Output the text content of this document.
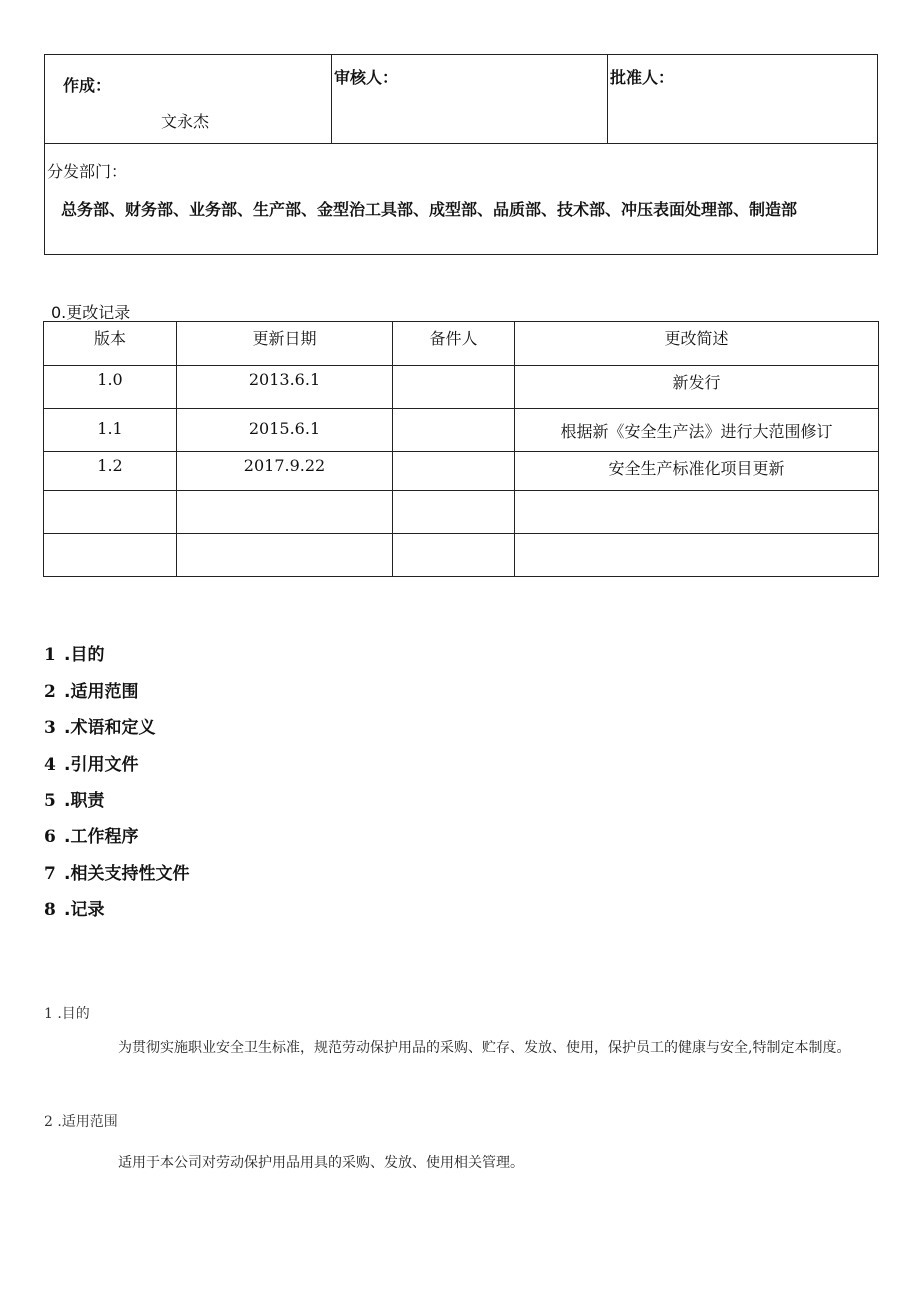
作成：
文永杰

审核人：	批准人：

分发部门：
总务部、财务部、业务部、生产部、金型治工具部、成型部、品质部、技术部、冲压表面处理部、制造部
0.更改记录
版本	更新日期	备件人	更改简述
1.0	2013.6.1		新发行
1.1	2015.6.1		根据新《安全生产法》进行大范围修订
1.2	2017.9.22		安全生产标准化项目更新

1 .目的
2 .适用范围
3 .术语和定义
4 .引用文件
5 .职责
6 .工作程序
7 .相关支持性文件
8 .记录
1 .目的
为贯彻实施职业安全卫生标准，规范劳动保护用品的采购、贮存、发放、使用，保护员工的健康与安全,特制定本制度。
2 .适用范围
适用于本公司对劳动保护用品用具的采购、发放、使用相关管理。
